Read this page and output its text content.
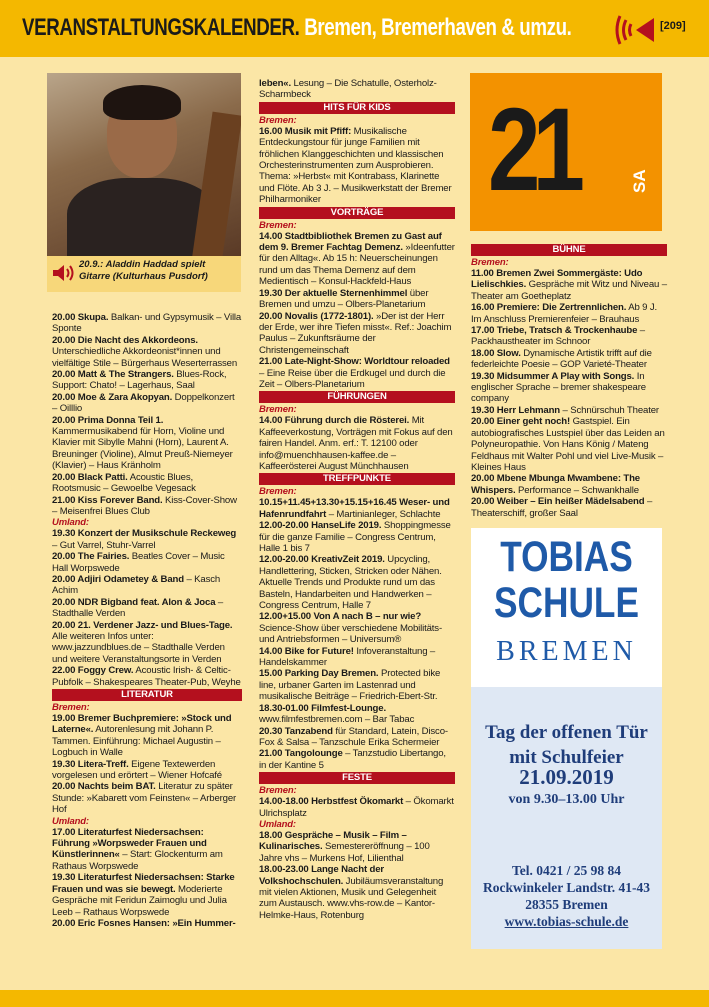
VERANSTALTUNGSKALENDER. Bremen, Bremerhaven & umzu.	[209]
20.9.: Aladdin Haddad spielt Gitarre (Kulturhaus Pusdorf)
20.00 Skupa. Balkan- und Gypsymusik – Villa Sponte
20.00 Die Nacht des Akkordeons. Unterschiedliche Akkordeonist*innen und vielfältige Stile – Bürgerhaus Weserterrassen
20.00 Matt & The Strangers. Blues-Rock, Support: Chato! – Lagerhaus, Saal
20.00 Moe & Zara Akopyan. Doppelkonzert – Oilllio
20.00 Prima Donna Teil 1. Kammermusikabend für Horn, Violine und Klavier mit Sibylle Mahni (Horn), Laurent A. Breuninger (Violine), Almut Preuß-Niemeyer (Klavier) – Haus Kränholm
20.00 Black Patti. Acoustic Blues, Rootsmusic – Gewoelbe Vegesack
21.00 Kiss Forever Band. Kiss-Cover-Show – Meisenfrei Blues Club
Umland:
19.30 Konzert der Musikschule Reckeweg – Gut Varrel, Stuhr-Varrel
20.00 The Fairies. Beatles Cover – Music Hall Worpswede
20.00 Adjiri Odametey & Band – Kasch Achim
20.00 NDR Bigband feat. Alon & Joca – Stadthalle Verden
20.00 21. Verdener Jazz- und Blues-Tage. Alle weiteren Infos unter: www.jazzundblues.de – Stadthalle Verden und weitere Veranstaltungsorte in Verden
22.00 Foggy Crew. Acoustic Irish- & Celtic-Pubfolk – Shakespeares Theater-Pub, Weyhe
LITERATUR
Bremen:
19.00 Bremer Buchpremiere: »Stock und Laterne«. Autorenlesung mit Johann P. Tammen. Einführung: Michael Augustin – Logbuch in Walle
19.30 Litera-Treff. Eigene Textewerden vorgelesen und erörtert – Wiener Hofcafé
20.00 Nachts beim BAT. Literatur zu später Stunde: »Kabarett vom Feinsten« – Arberger Hof
Umland:
17.00 Literaturfest Niedersachsen: Führung »Worpsweder Frauen und Künstlerinnen« – Start: Glockenturm am Rathaus Worpswede
19.30 Literaturfest Niedersachsen: Starke Frauen und was sie bewegt. Moderierte Gespräche mit Feridun Zaimoglu und Julia Leeb – Rathaus Worpswede
20.00 Eric Fosnes Hansen: »Ein Hummer-
leben«. Lesung – Die Schatulle, Osterholz-Scharmbeck
HITS FÜR KIDS
Bremen:
16.00 Musik mit Pfiff: Musikalische Entdeckungstour für junge Familien mit fröhlichen Klanggeschichten und klassischen Orchesterinstrumenten zum Ausprobieren. Thema: »Herbst« mit Kontrabass, Klarinette und Flöte. Ab 3 J. – Musikwerkstatt der Bremer Philharmoniker
VORTRÄGE
Bremen:
14.00 Stadtbibliothek Bremen zu Gast auf dem 9. Bremer Fachtag Demenz. »Ideenfutter für den Alltag«. Ab 15 h: Neuerscheinungen rund um das Thema Demenz auf dem Medientisch – Konsul-Hackfeld-Haus
19.30 Der aktuelle Sternenhimmel über Bremen und umzu – Olbers-Planetarium
20.00 Novalis (1772-1801). »Der ist der Herr der Erde, wer ihre Tiefen misst«. Ref.: Joachim Paulus – Zukunftsräume der Christengemeinschaft
21.00 Late-Night-Show: Worldtour reloaded – Eine Reise über die Erdkugel und durch die Zeit – Olbers-Planetarium
FÜHRUNGEN
Bremen:
14.00 Führung durch die Rösterei. Mit Kaffeeverkostung, Vorträgen mit Fokus auf den fairen Handel. Anm. erf.: T. 12100 oder info@muenchhausen-kaffee.de – Kaffeerösterei August Münchhausen
TREFFPUNKTE
Bremen:
10.15+11.45+13.30+15.15+16.45 Weser- und Hafenrundfahrt – Martinianleger, Schlachte
12.00-20.00 HanseLife 2019. Shoppingmesse für die ganze Familie – Congress Centrum, Halle 1 bis 7
12.00-20.00 KreativZeit 2019. Upcycling, Handlettering, Sticken, Stricken oder Nähen. Aktuelle Trends und Produkte rund um das Basteln, Handarbeiten und Handwerken – Congress Centrum, Halle 7
12.00+15.00 Von A nach B – nur wie? Science-Show über verschiedene Mobilitäts- und Antriebsformen – Universum®
14.00 Bike for Future! Infoveranstaltung – Handelskammer
15.00 Parking Day Bremen. Protected bike line, urbaner Garten im Lastenrad und musikalische Beiträge – Friedrich-Ebert-Str.
18.30-01.00 Filmfest-Lounge. www.filmfestbremen.com – Bar Tabac
20.30 Tanzabend für Standard, Latein, Disco-Fox & Salsa – Tanzschule Erika Schermeier
21.00 Tangolounge – Tanzstudio Libertango, in der Kantine 5
FESTE
Bremen:
14.00-18.00 Herbstfest Ökomarkt – Ökomarkt Ulrichsplatz
Umland:
18.00 Gespräche – Musik – Film – Kulinarisches. Semestereröffnung – 100 Jahre vhs – Murkens Hof, Lilienthal
18.00-23.00 Lange Nacht der Volkshochschulen. Jubiläumsveranstaltung mit vielen Aktionen, Musik und Gelegenheit zum Austausch. www.vhs-row.de – Kantor-Helmke-Haus, Rotenburg
21	SA
BÜHNE
Bremen:
11.00 Bremen Zwei Sommergäste: Udo Lielischkies. Gespräche mit Witz und Niveau – Theater am Goetheplatz
16.00 Premiere: Die Zertrennlichen. Ab 9 J. Im Anschluss Premierenfeier – Brauhaus
17.00 Triebe, Tratsch & Trockenhaube – Packhaustheater im Schnoor
18.00 Slow. Dynamische Artistik trifft auf die federleichte Poesie – GOP Varieté-Theater
19.30 Midsummer A Play with Songs. In englischer Sprache – bremer shakespeare company
19.30 Herr Lehmann – Schnürschuh Theater
20.00 Einer geht noch! Gastspiel. Ein autobiografisches Lustspiel über das Leiden an Polyneuropathie. Von Hans König / Mateng Feldhaus mit Walter Pohl und viel Live-Musik – Kleines Haus
20.00 Mbene Mbunga Mwambene: The Whispers. Performance – Schwankhalle
20.00 Weiber – Ein heißer Mädelsabend – Theaterschiff, großer Saal
TOBIAS
SCHULE
BREMEN
Tag der offenen Tür
mit Schulfeier
21.09.2019
von 9.30–13.00 Uhr
Tel. 0421 / 25 98 84
Rockwinkeler Landstr. 41-43
28355 Bremen
www.tobias-schule.de
